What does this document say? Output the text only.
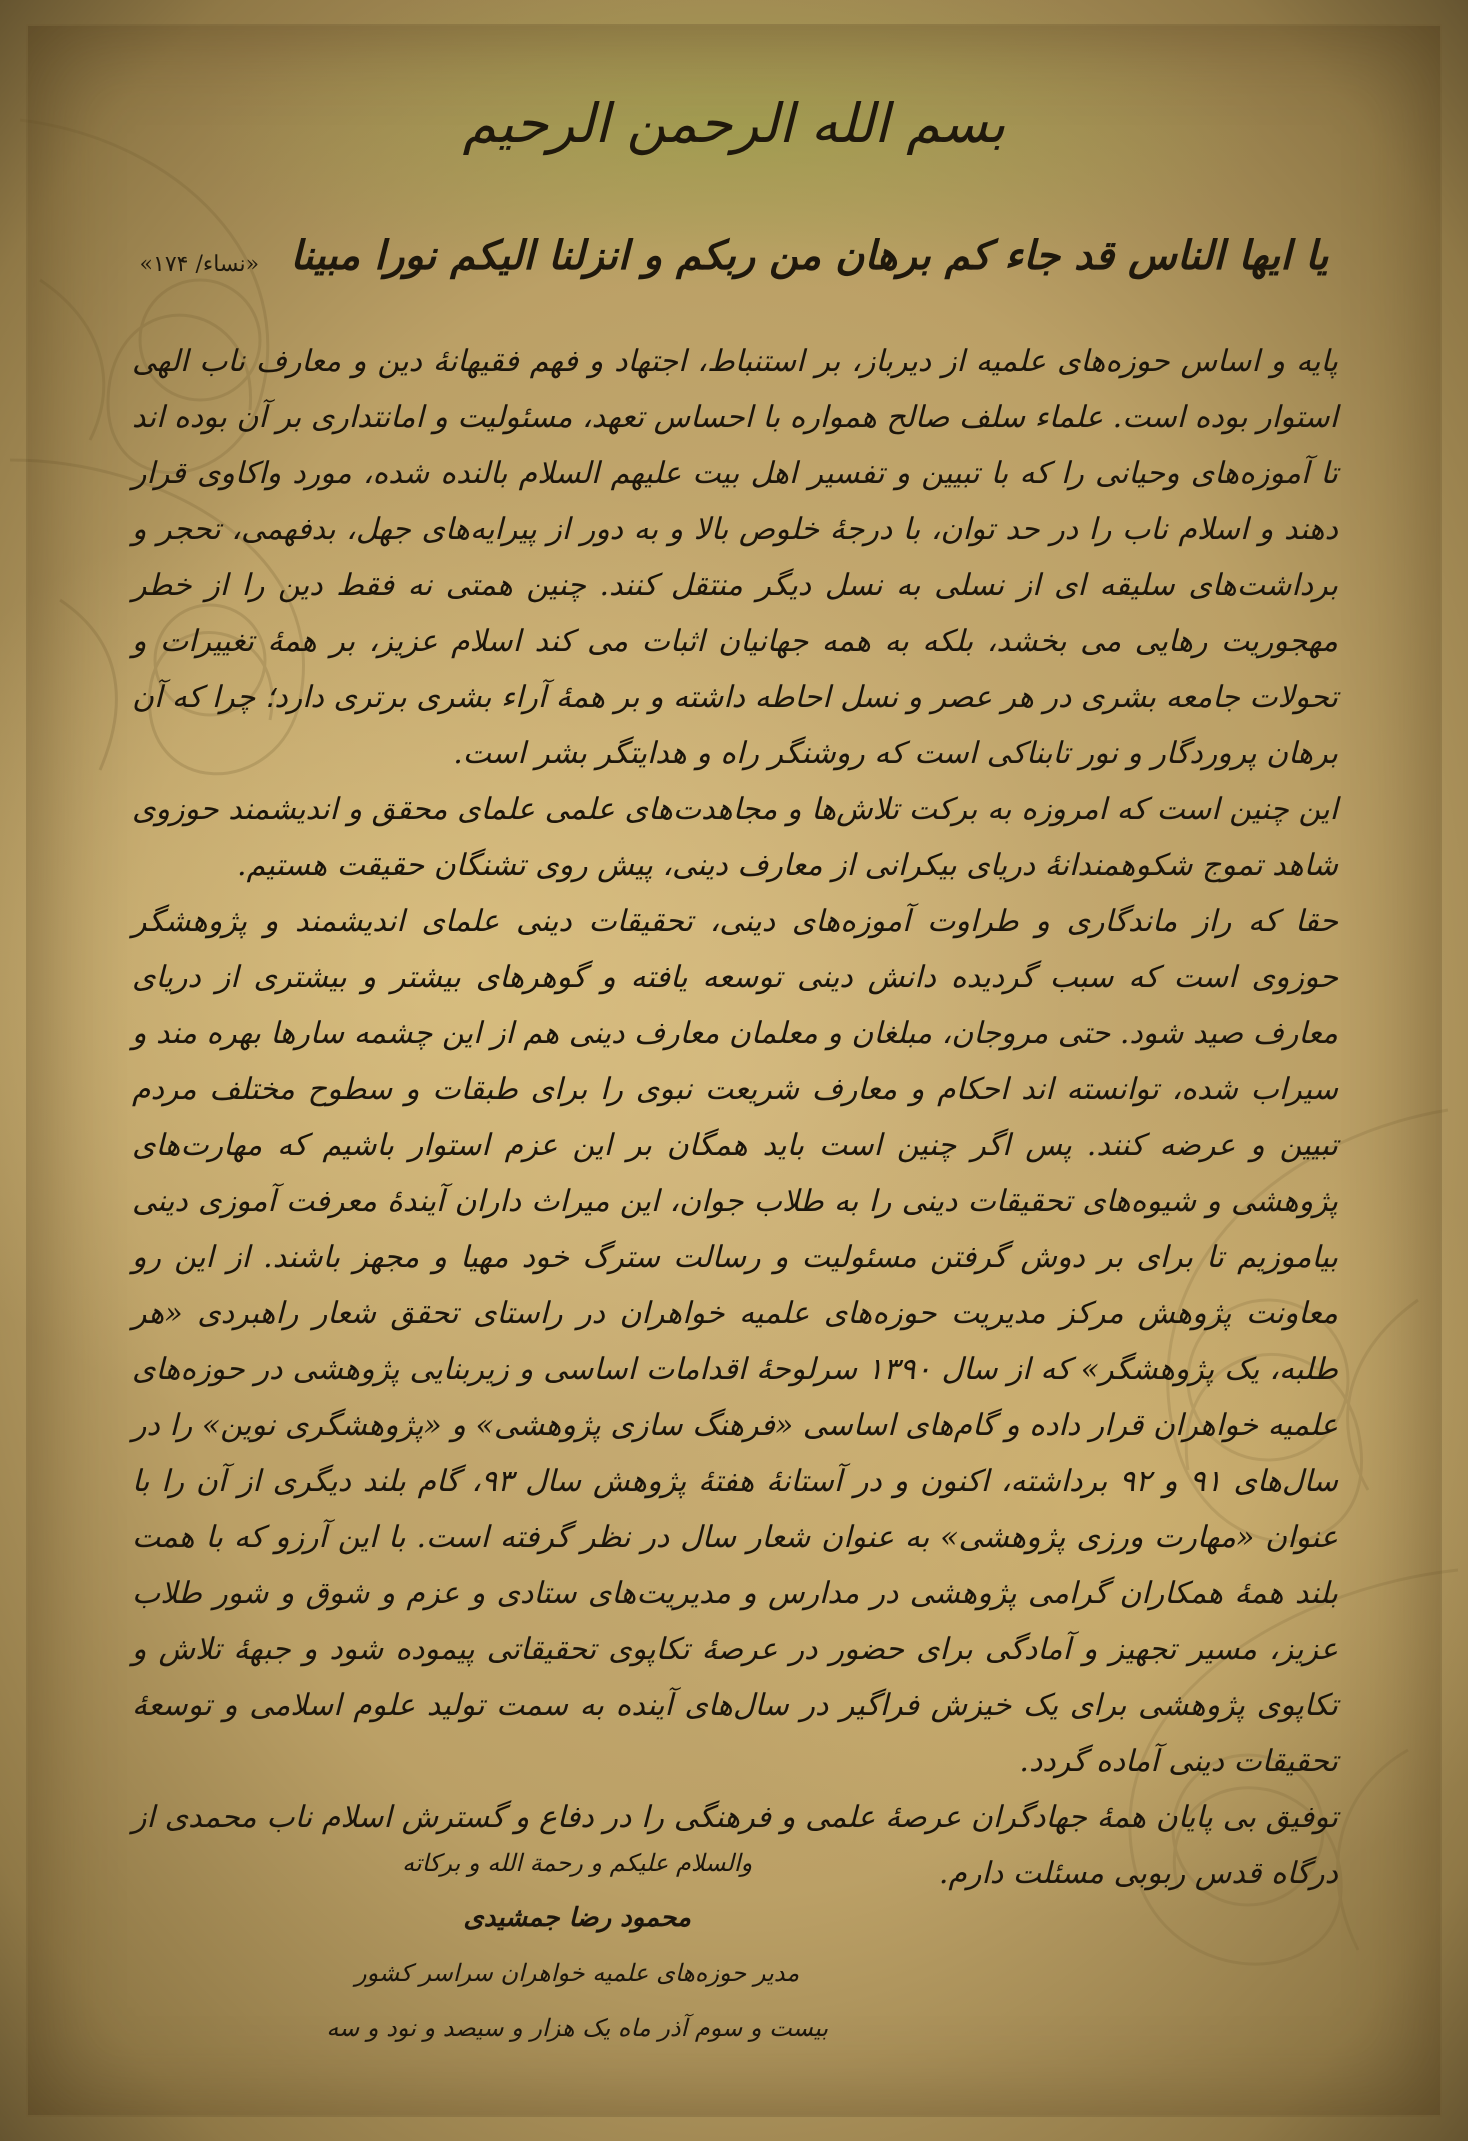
بسم الله الرحمن الرحیم
یا ایها الناس قد جاء کم برهان من ربکم و انزلنا الیکم نورا مبینا «نساء/ ۱۷۴»

پایه و اساس حوزه‌های علمیه از دیرباز، بر استنباط، اجتهاد و فهم فقیهانهٔ دین و معارف ناب الهی استوار بوده است. علماء سلف صالح همواره با احساس تعهد، مسئولیت و امانتداری بر آن بوده اند تا آموزه‌های وحیانی را که با تبیین و تفسیر اهل بیت علیهم السلام بالنده شده، مورد واکاوی قرار دهند و اسلام ناب را در حد توان، با درجهٔ خلوص بالا و به دور از پیرایه‌های جهل، بدفهمی، تحجر و برداشت‌های سلیقه ای از نسلی به نسل دیگر منتقل کنند. چنین همتی نه فقط دین را از خطر مهجوریت رهایی می بخشد، بلکه به همه جهانیان اثبات می کند اسلام عزیز، بر همهٔ تغییرات و تحولات جامعه بشری در هر عصر و نسل احاطه داشته و بر همهٔ آراء بشری برتری دارد؛ چرا که آن برهان پروردگار و نور تابناکی است که روشنگر راه و هدایتگر بشر است.

این چنین است که امروزه به برکت تلاش‌ها و مجاهدت‌های علمی علمای محقق و اندیشمند حوزوی شاهد تموج شکوهمندانهٔ دریای بیکرانی از معارف دینی، پیش روی تشنگان حقیقت هستیم.

حقا که راز ماندگاری و طراوت آموزه‌های دینی، تحقیقات دینی علمای اندیشمند و پژوهشگر حوزوی است که سبب گردیده دانش دینی توسعه یافته و گوهرهای بیشتر و بیشتری از دریای معارف صید شود. حتی مروجان، مبلغان و معلمان معارف دینی هم از این چشمه سارها بهره مند و سیراب شده، توانسته اند احکام و معارف شریعت نبوی را برای طبقات و سطوح مختلف مردم تبیین و عرضه کنند. پس اگر چنین است باید همگان بر این عزم استوار باشیم که مهارت‌های پژوهشی و شیوه‌های تحقیقات دینی را به طلاب جوان، این میراث داران آیندهٔ معرفت آموزی دینی بیاموزیم تا برای بر دوش گرفتن مسئولیت و رسالت سترگ خود مهیا و مجهز باشند. از این رو معاونت پژوهش مرکز مدیریت حوزه‌های علمیه خواهران در راستای تحقق شعار راهبردی «هر طلبه، یک پژوهشگر» که از سال ۱۳۹۰ سرلوحهٔ اقدامات اساسی و زیربنایی پژوهشی در حوزه‌های علمیه خواهران قرار داده و گام‌های اساسی «فرهنگ سازی پژوهشی» و «پژوهشگری نوین» را در سال‌های ۹۱ و ۹۲ برداشته، اکنون و در آستانهٔ هفتهٔ پژوهش سال ۹۳، گام بلند دیگری از آن را با عنوان «مهارت ورزی پژوهشی» به عنوان شعار سال در نظر گرفته است. با این آرزو که با همت بلند همهٔ همکاران گرامی پژوهشی در مدارس و مدیریت‌های ستادی و عزم و شوق و شور طلاب عزیز، مسیر تجهیز و آمادگی برای حضور در عرصهٔ تکاپوی تحقیقاتی پیموده شود و جبههٔ تلاش و تکاپوی پژوهشی برای یک خیزش فراگیر در سال‌های آینده به سمت تولید علوم اسلامی و توسعهٔ تحقیقات دینی آماده گردد.

توفیق بی پایان همهٔ جهادگران عرصهٔ علمی و فرهنگی را در دفاع و گسترش اسلام ناب محمدی از درگاه قدس ربوبی مسئلت دارم.

والسلام علیکم و رحمة الله و برکاته
محمود رضا جمشیدی
مدیر حوزه‌های علمیه خواهران سراسر کشور
بیست و سوم آذر ماه یک هزار و سیصد و نود و سه
